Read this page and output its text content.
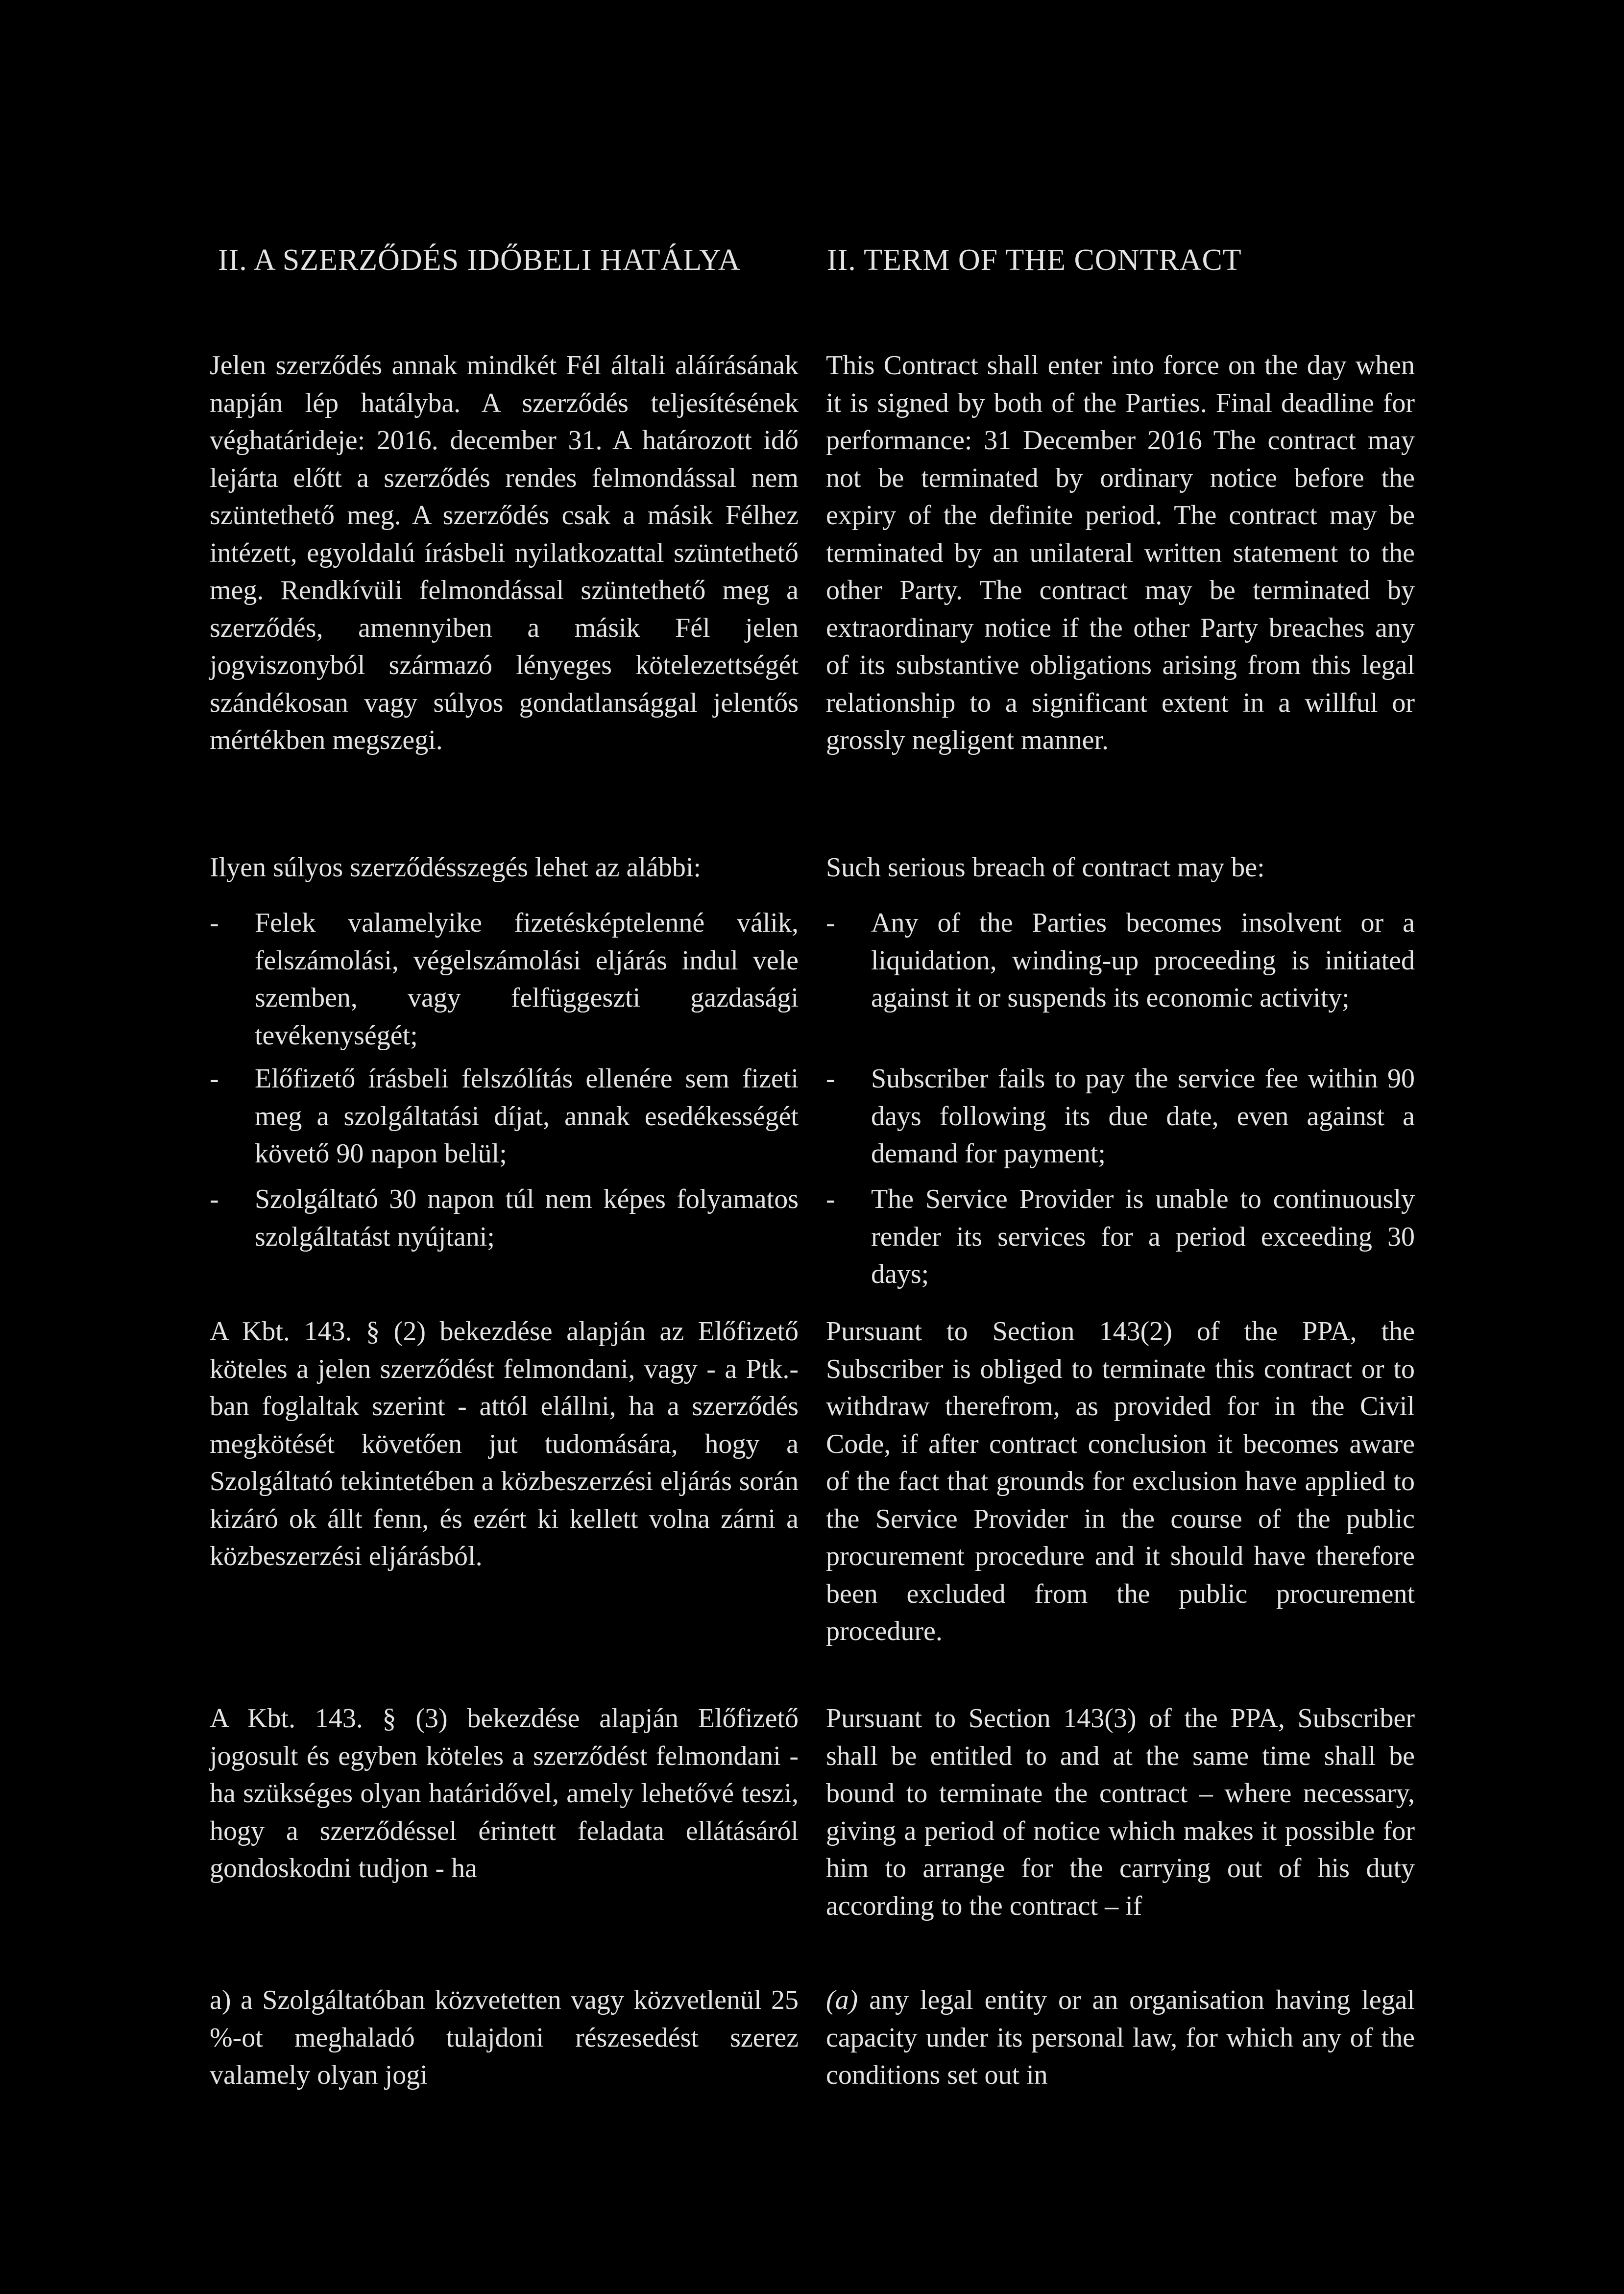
II. A SZERZŐDÉS IDŐBELI HATÁLYA	II. TERM OF THE CONTRACT

Jelen szerződés annak mindkét Fél általi aláírásának napján lép hatályba. A szerződés teljesítésének véghatárideje: 2016. december 31. A határozott idő lejárta előtt a szerződés rendes felmondással nem szüntethető meg. A szerződés csak a másik Félhez intézett, egyoldalú írásbeli nyilatkozattal szüntethető meg. Rendkívüli felmondással szüntethető meg a szerződés, amennyiben a másik Fél jelen jogviszonyból származó lényeges kötelezettségét szándékosan vagy súlyos gondatlansággal jelentős mértékben megszegi.

Ilyen súlyos szerződésszegés lehet az alábbi:

- Felek valamelyike fizetésképtelenné válik, felszámolási, végelszámolási eljárás indul vele szemben, vagy felfüggeszti gazdasági tevékenységét;
- Előfizető írásbeli felszólítás ellenére sem fizeti meg a szolgáltatási díjat, annak esedékességét követő 90 napon belül;
- Szolgáltató 30 napon túl nem képes folyamatos szolgáltatást nyújtani;

A Kbt. 143. § (2) bekezdése alapján az Előfizető köteles a jelen szerződést felmondani, vagy - a Ptk.-ban foglaltak szerint - attól elállni, ha a szerződés megkötését követően jut tudomására, hogy a Szolgáltató tekintetében a közbeszerzési eljárás során kizáró ok állt fenn, és ezért ki kellett volna zárni a közbeszerzési eljárásból.

A Kbt. 143. § (3) bekezdése alapján Előfizető jogosult és egyben köteles a szerződést felmondani - ha szükséges olyan határidővel, amely lehetővé teszi, hogy a szerződéssel érintett feladata ellátásáról gondoskodni tudjon - ha

a) a Szolgáltatóban közvetetten vagy közvetlenül 25 %-ot meghaladó tulajdoni részesedést szerez valamely olyan jogi

This Contract shall enter into force on the day when it is signed by both of the Parties. Final deadline for performance: 31 December 2016 The contract may not be terminated by ordinary notice before the expiry of the definite period. The contract may be terminated by an unilateral written statement to the other Party. The contract may be terminated by extraordinary notice if the other Party breaches any of its substantive obligations arising from this legal relationship to a significant extent in a willful or grossly negligent manner.

Such serious breach of contract may be:

- Any of the Parties becomes insolvent or a liquidation, winding-up proceeding is initiated against it or suspends its economic activity;
- Subscriber fails to pay the service fee within 90 days following its due date, even against a demand for payment;
- The Service Provider is unable to continuously render its services for a period exceeding 30 days;

Pursuant to Section 143(2) of the PPA, the Subscriber is obliged to terminate this contract or to withdraw therefrom, as provided for in the Civil Code, if after contract conclusion it becomes aware of the fact that grounds for exclusion have applied to the Service Provider in the course of the public procurement procedure and it should have therefore been excluded from the public procurement procedure.

Pursuant to Section 143(3) of the PPA, Subscriber shall be entitled to and at the same time shall be bound to terminate the contract – where necessary, giving a period of notice which makes it possible for him to arrange for the carrying out of his duty according to the contract – if

(a) any legal entity or an organisation having legal capacity under its personal law, for which any of the conditions set out in
